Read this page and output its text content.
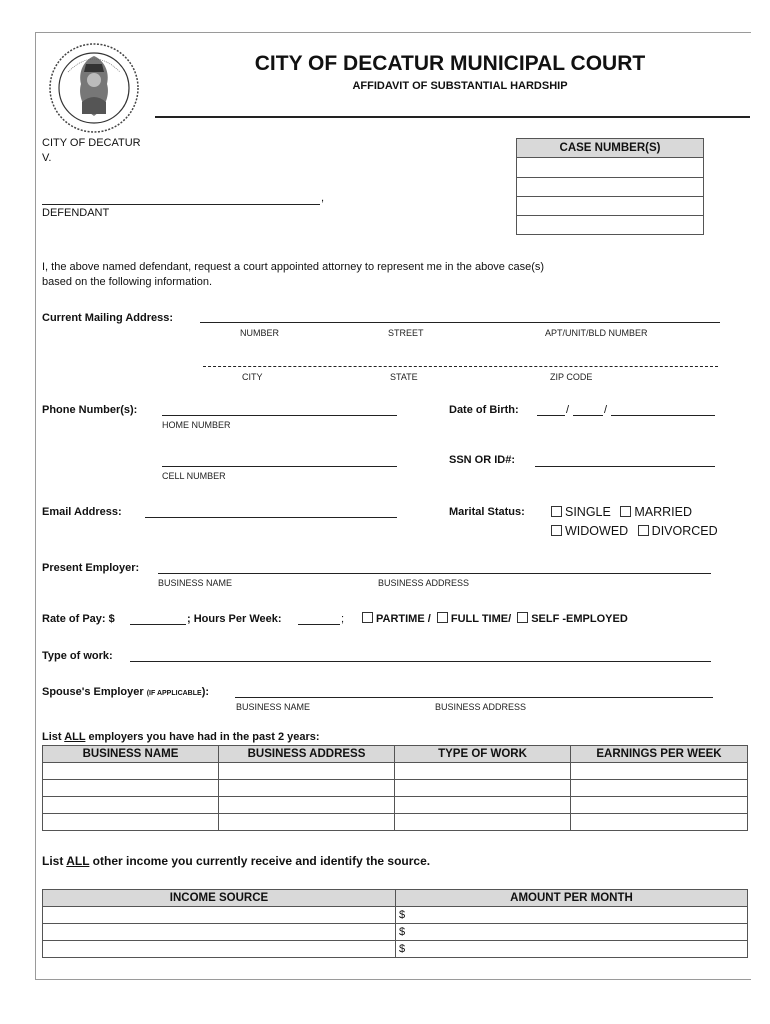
CITY OF DECATUR MUNICIPAL COURT
AFFIDAVIT OF SUBSTANTIAL HARDSHIP
CITY OF DECATUR
V.
,
DEFENDANT
CASE NUMBER(S)

I, the above named defendant, request a court appointed attorney to represent me in the above case(s)
based on the following information.
Current Mailing Address:
NUMBER	STREET	APT/UNIT/BLD NUMBER
CITY	STATE	ZIP CODE
Phone Number(s):
HOME NUMBER
Date of Birth:	/	/
CELL NUMBER
SSN OR ID#:
Email Address:	Marital Status:	SINGLE MARRIED
WIDOWED DIVORCED
Present Employer:
BUSINESS NAME	BUSINESS ADDRESS
Rate of Pay: $	; Hours Per Week:	;	PARTIME / FULL TIME/ SELF -EMPLOYED
Type of work:
Spouse's Employer (IF APPLICABLE):
BUSINESS NAME	BUSINESS ADDRESS
List ALL employers you have had in the past 2 years:
BUSINESS NAME	BUSINESS ADDRESS	TYPE OF WORK	EARNINGS PER WEEK

List ALL other income you currently receive and identify the source.
INCOME SOURCE	AMOUNT PER MONTH
	$
	$
	$
